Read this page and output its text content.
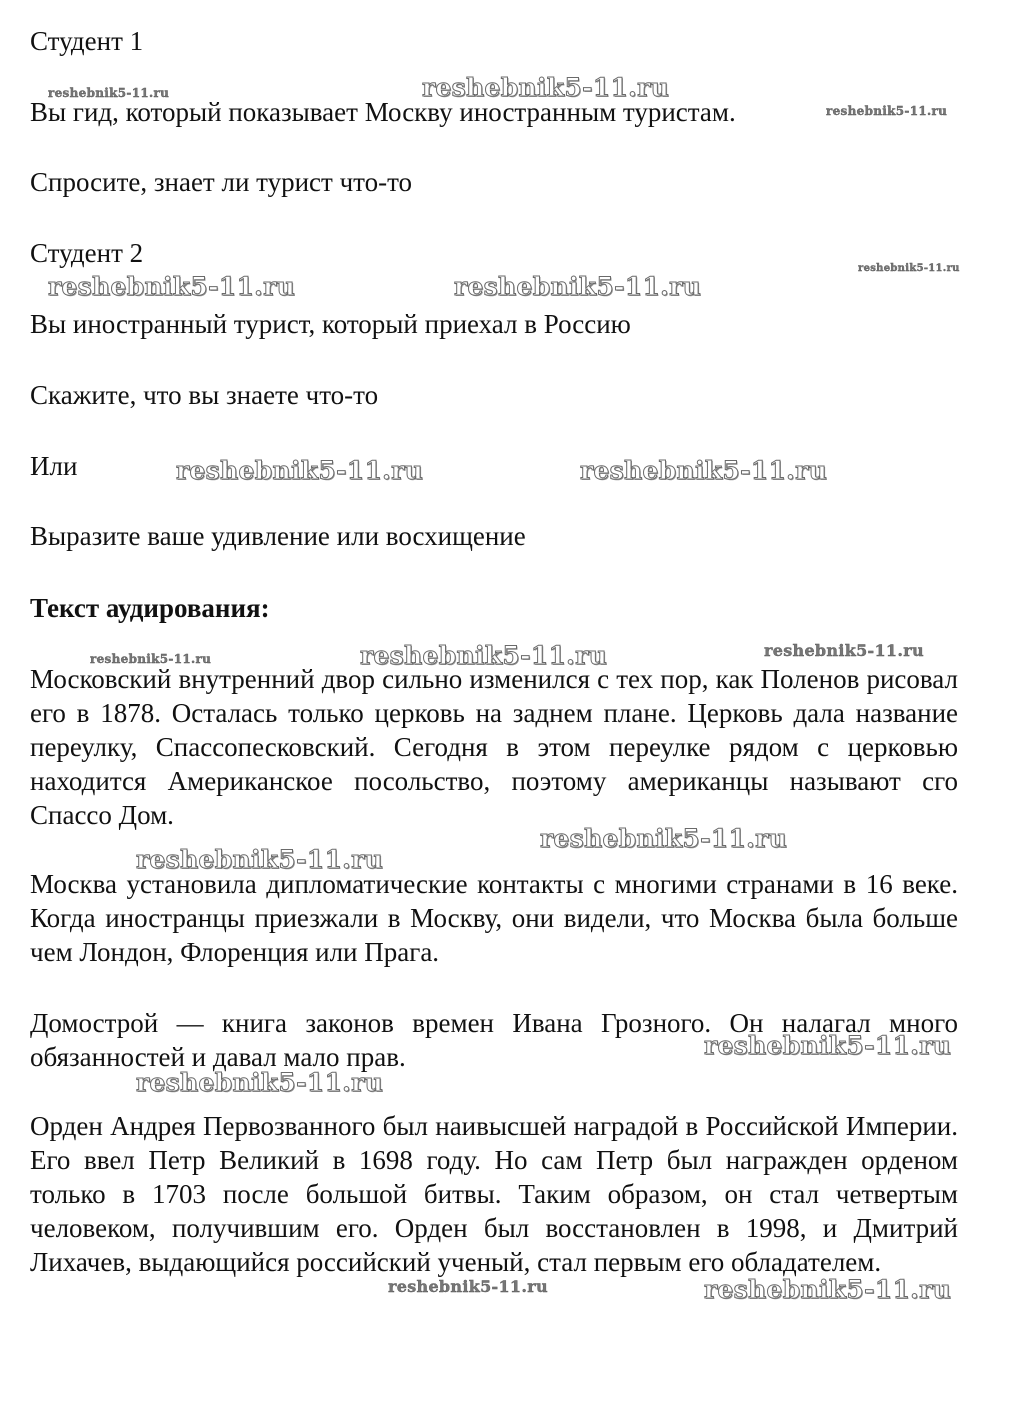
Студент 1
Вы гид, который показывает Москву иностранным туристам.
Спросите, знает ли турист что-то
Студент 2
Вы иностранный турист, который приехал в Россию
Скажите, что вы знаете что-то
Или
Выразите ваше удивление или восхищение
Текст аудирования:

Московский внутренний двор сильно изменился с тех пор, как Поленов рисовал его в 1878. Осталась только церковь на заднем плане. Церковь дала название переулку, Спассопесковский. Сегодня в этом переулке рядом с церковью находится Американское посольство, поэтому американцы называют сго Спассо Дом.

Москва установила дипломатические контакты с многими странами в 16 веке. Когда иностранцы приезжали в Москву, они видели, что Москва была больше чем Лондон, Флоренция или Прага.

Домострой — книга законов времен Ивана Грозного. Он налагал много обязанностей и давал мало прав.

Орден Андрея Первозванного был наивысшей наградой в Российской Империи. Его ввел Петр Великий в 1698 году. Но сам Петр был награжден орденом только в 1703 после большой битвы. Таким образом, он стал четвертым человеком, получившим его. Орден был восстановлен в 1998, и Дмитрий Лихачев, выдающийся российский ученый, стал первым его обладателем.

reshebnik5-11.ru	reshebnik5-11.ru
reshebnik5-11.ru
reshebnik5-11.ru
reshebnik5-11.ru	reshebnik5-11.ru
reshebnik5-11.ru	reshebnik5-11.ru
reshebnik5-11.ru	reshebnik5-11.ru	reshebnik5-11.ru
reshebnik5-11.ru
reshebnik5-11.ru
reshebnik5-11.ru
reshebnik5-11.ru
reshebnik5-11.ru	reshebnik5-11.ru
